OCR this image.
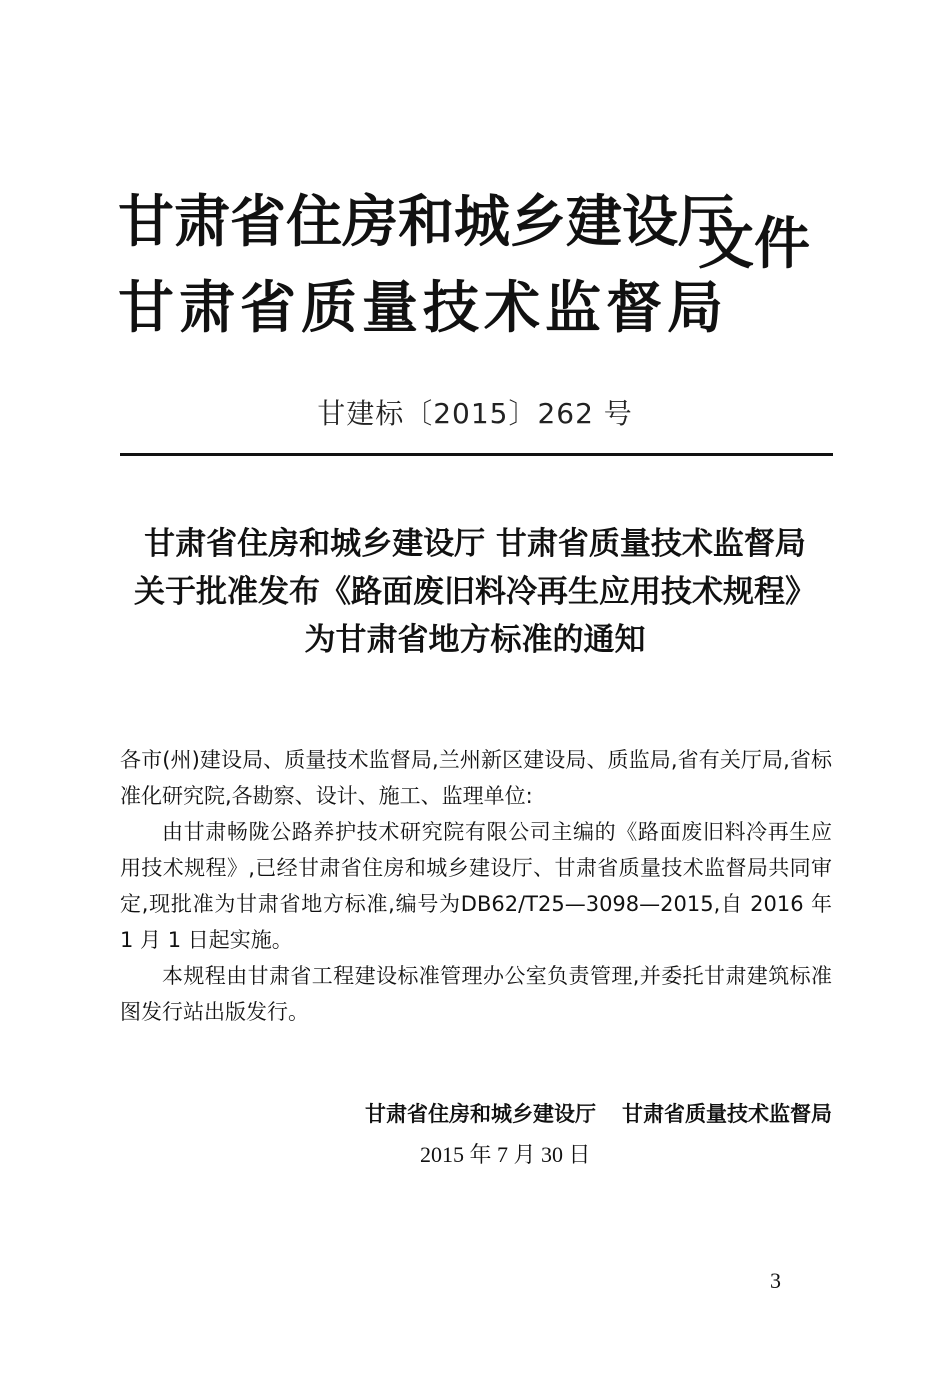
甘肃省住房和城乡建设厅
甘肃省质量技术监督局
文件
甘建标〔2015〕262 号
甘肃省住房和城乡建设厅 甘肃省质量技术监督局
关于批准发布《路面废旧料冷再生应用技术规程》
为甘肃省地方标准的通知

各市(州)建设局、质量技术监督局,兰州新区建设局、质监局,省有关厅局,省标准化研究院,各勘察、设计、施工、监理单位:

由甘肃畅陇公路养护技术研究院有限公司主编的《路面废旧料冷再生应用技术规程》,已经甘肃省住房和城乡建设厅、甘肃省质量技术监督局共同审定,现批准为甘肃省地方标准,编号为DB62/T25—3098—2015,自 2016 年 1 月 1 日起实施。

本规程由甘肃省工程建设标准管理办公室负责管理,并委托甘肃建筑标准图发行站出版发行。

甘肃省住房和城乡建设厅 甘肃省质量技术监督局
2015 年 7 月 30 日
3
